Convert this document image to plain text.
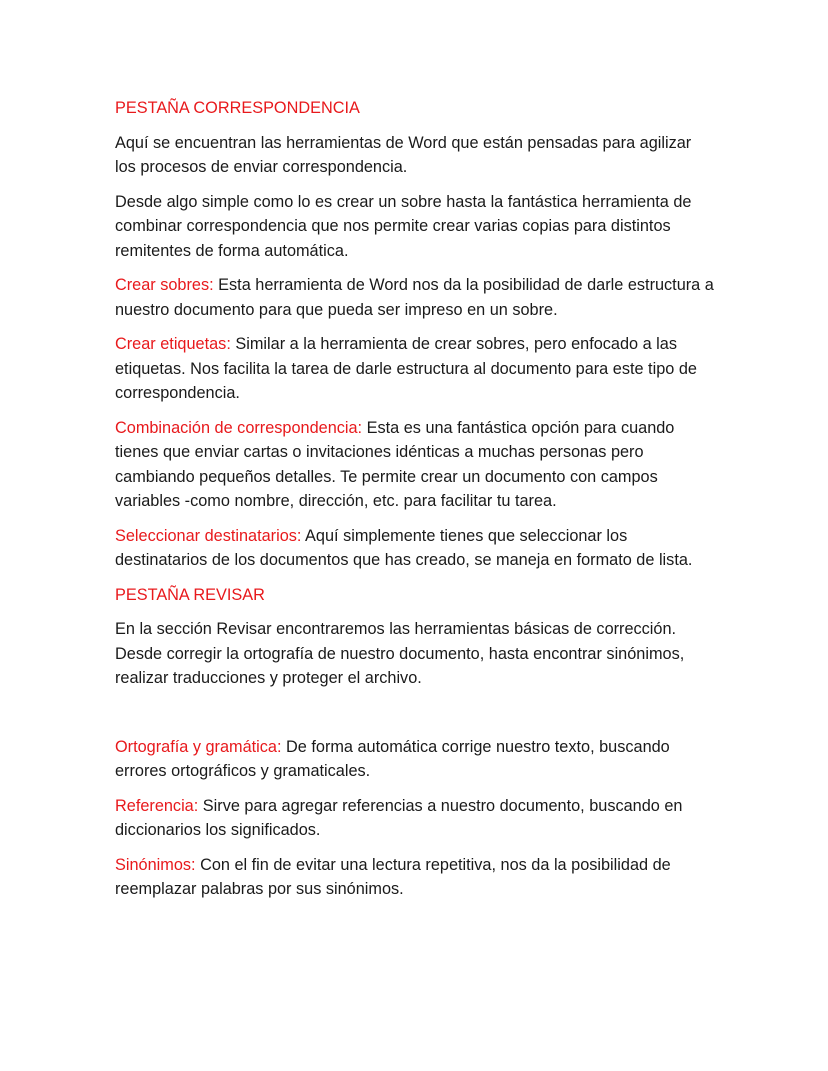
PESTAÑA CORRESPONDENCIA

Aquí se encuentran las herramientas de Word que están pensadas para agilizar los procesos de enviar correspondencia.

Desde algo simple como lo es crear un sobre hasta la fantástica herramienta de combinar correspondencia que nos permite crear varias copias para distintos remitentes de forma automática.

Crear sobres: Esta herramienta de Word nos da la posibilidad de darle estructura a nuestro documento para que pueda ser impreso en un sobre.

Crear etiquetas: Similar a la herramienta de crear sobres, pero enfocado a las etiquetas. Nos facilita la tarea de darle estructura al documento para este tipo de correspondencia.

Combinación de correspondencia: Esta es una fantástica opción para cuando tienes que enviar cartas o invitaciones idénticas a muchas personas pero cambiando pequeños detalles. Te permite crear un documento con campos variables -como nombre, dirección, etc. para facilitar tu tarea.

Seleccionar destinatarios: Aquí simplemente tienes que seleccionar los destinatarios de los documentos que has creado, se maneja en formato de lista.

PESTAÑA REVISAR

En la sección Revisar encontraremos las herramientas básicas de corrección. Desde corregir la ortografía de nuestro documento, hasta encontrar sinónimos, realizar traducciones y proteger el archivo.

Ortografía y gramática: De forma automática corrige nuestro texto, buscando errores ortográficos y gramaticales.

Referencia: Sirve para agregar referencias a nuestro documento, buscando en diccionarios los significados.

Sinónimos: Con el fin de evitar una lectura repetitiva, nos da la posibilidad de reemplazar palabras por sus sinónimos.
